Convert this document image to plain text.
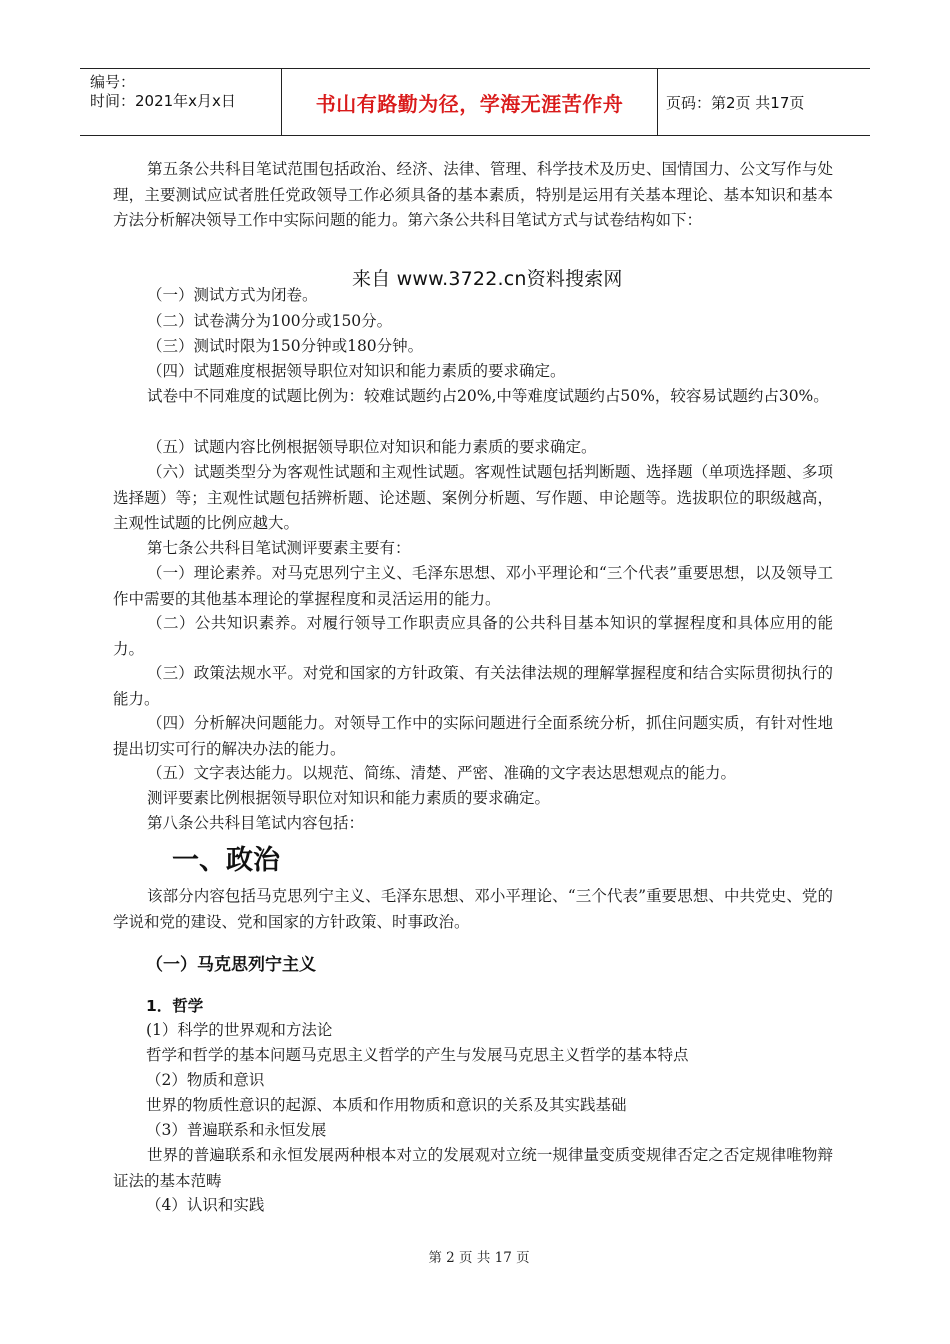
编号：
时间：2021年x月x日	书山有路勤为径，学海无涯苦作舟	页码：第2页 共17页
第五条公共科目笔试范围包括政治、经济、法律、管理、科学技术及历史、国情国力、公文写作与处理，主要测试应试者胜任党政领导工作必须具备的基本素质，特别是运用有关基本理论、基本知识和基本方法分析解决领导工作中实际问题的能力。第六条公共科目笔试方式与试卷结构如下：
来自 www.3722.cn资料搜索网
（一）测试方式为闭卷。
（二）试卷满分为100分或150分。
（三）测试时限为150分钟或180分钟。
（四）试题难度根据领导职位对知识和能力素质的要求确定。
试卷中不同难度的试题比例为：较难试题约占20%,中等难度试题约占50%，较容易试题约占30%。
（五）试题内容比例根据领导职位对知识和能力素质的要求确定。
（六）试题类型分为客观性试题和主观性试题。客观性试题包括判断题、选择题（单项选择题、多项选择题）等；主观性试题包括辨析题、论述题、案例分析题、写作题、申论题等。选拔职位的职级越高，主观性试题的比例应越大。
第七条公共科目笔试测评要素主要有：
（一）理论素养。对马克思列宁主义、毛泽东思想、邓小平理论和“三个代表”重要思想，以及领导工作中需要的其他基本理论的掌握程度和灵活运用的能力。
（二）公共知识素养。对履行领导工作职责应具备的公共科目基本知识的掌握程度和具体应用的能力。
（三）政策法规水平。对党和国家的方针政策、有关法律法规的理解掌握程度和结合实际贯彻执行的能力。
（四）分析解决问题能力。对领导工作中的实际问题进行全面系统分析，抓住问题实质，有针对性地提出切实可行的解决办法的能力。
（五）文字表达能力。以规范、简练、清楚、严密、准确的文字表达思想观点的能力。
测评要素比例根据领导职位对知识和能力素质的要求确定。
第八条公共科目笔试内容包括：
一、政治
该部分内容包括马克思列宁主义、毛泽东思想、邓小平理论、“三个代表”重要思想、中共党史、党的学说和党的建设、党和国家的方针政策、时事政治。
（一）马克思列宁主义
1．哲学
(1）科学的世界观和方法论
哲学和哲学的基本问题马克思主义哲学的产生与发展马克思主义哲学的基本特点
（2）物质和意识
世界的物质性意识的起源、本质和作用物质和意识的关系及其实践基础
（3）普遍联系和永恒发展
世界的普遍联系和永恒发展两种根本对立的发展观对立统一规律量变质变规律否定之否定规律唯物辩证法的基本范畴
（4）认识和实践
第 2 页 共 17 页
